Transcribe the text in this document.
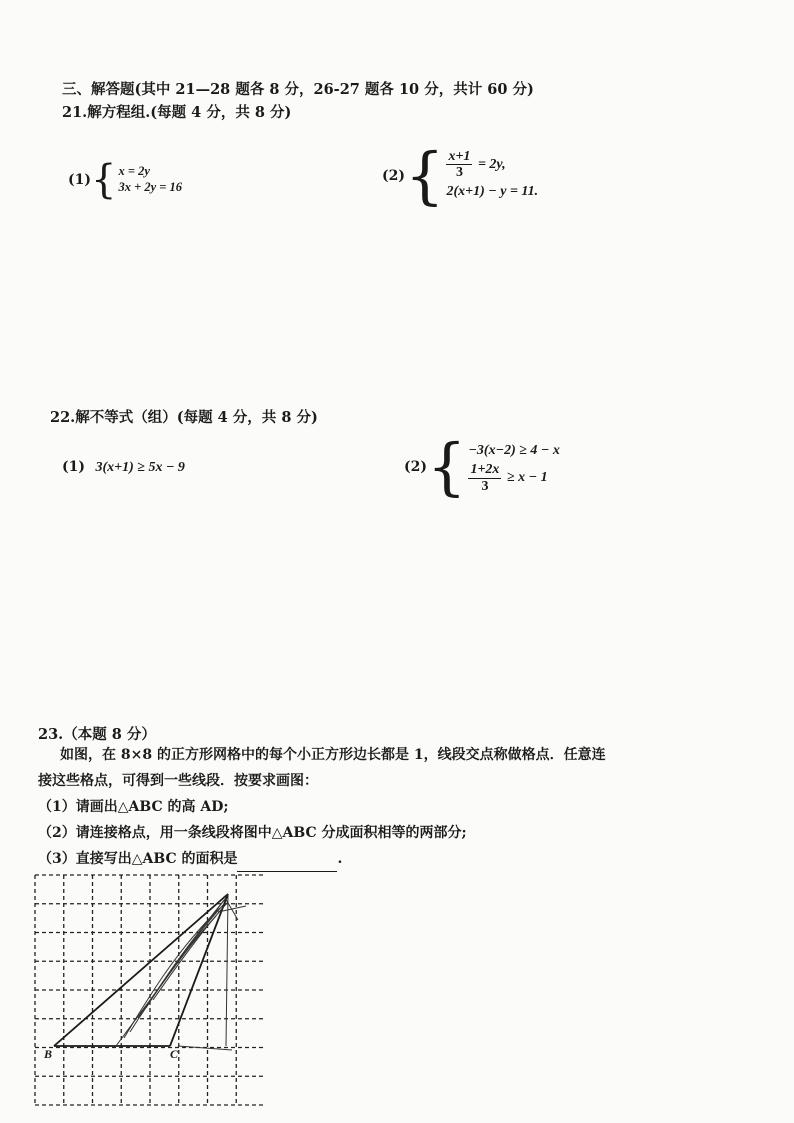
三、解答题(其中 21—28 题各 8 分，26-27 题各 10 分，共计 60 分)
21.解方程组.(每题 4 分，共 8 分)
(1) { x = 2y
3x + 2y = 16
(2) { $\frac{x+1}{3} = 2y$,
2(x+1) − y = 11.
22.解不等式（组）(每题 4 分，共 8 分)
(1) 3(x+1) ≥ 5x − 9	(2) { −3(x−2) ≥ 4 − x
$\frac{1+2x}{3} \ge x - 1$
23.（本题 8 分）
如图，在 8×8 的正方形网格中的每个小正方形边长都是 1，线段交点称做格点．任意连
接这些格点，可得到一些线段．按要求画图：
（1）请画出△ABC 的高 AD;
（2）请连接格点，用一条线段将图中△ABC 分成面积相等的两部分;
（3）直接写出△ABC 的面积是	.
B	C
